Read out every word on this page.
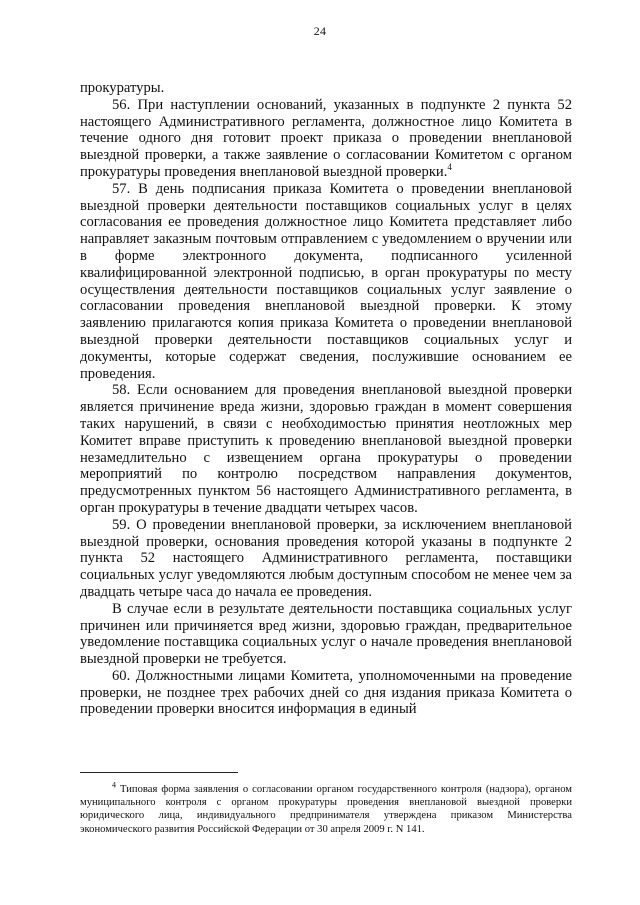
24

прокуратуры.

56. При наступлении оснований, указанных в подпункте 2 пункта 52 настоящего Административного регламента, должностное лицо Комитета в течение одного дня готовит проект приказа о проведении внеплановой выездной проверки, а также заявление о согласовании Комитетом с органом прокуратуры проведения внеплановой выездной проверки.$^4$

57. В день подписания приказа Комитета о проведении внеплановой выездной проверки деятельности поставщиков социальных услуг в целях согласования ее проведения должностное лицо Комитета представляет либо направляет заказным почтовым отправлением с уведомлением о вручении или в форме электронного документа, подписанного усиленной квалифицированной электронной подписью, в орган прокуратуры по месту осуществления деятельности поставщиков социальных услуг заявление о согласовании проведения внеплановой выездной проверки. К этому заявлению прилагаются копия приказа Комитета о проведении внеплановой выездной проверки деятельности поставщиков социальных услуг и документы, которые содержат сведения, послужившие основанием ее проведения.

58. Если основанием для проведения внеплановой выездной проверки является причинение вреда жизни, здоровью граждан в момент совершения таких нарушений, в связи с необходимостью принятия неотложных мер Комитет вправе приступить к проведению внеплановой выездной проверки незамедлительно с извещением органа прокуратуры о проведении мероприятий по контролю посредством направления документов, предусмотренных пунктом 56 настоящего Административного регламента, в орган прокуратуры в течение двадцати четырех часов.

59. О проведении внеплановой проверки, за исключением внеплановой выездной проверки, основания проведения которой указаны в подпункте 2 пункта 52 настоящего Административного регламента, поставщики социальных услуг уведомляются любым доступным способом не менее чем за двадцать четыре часа до начала ее проведения.

В случае если в результате деятельности поставщика социальных услуг причинен или причиняется вред жизни, здоровью граждан, предварительное уведомление поставщика социальных услуг о начале проведения внеплановой выездной проверки не требуется.

60. Должностными лицами Комитета, уполномоченными на проведение проверки, не позднее трех рабочих дней со дня издания приказа Комитета о проведении проверки вносится информация в единый

$^4$ Типовая форма заявления о согласовании органом государственного контроля (надзора), органом муниципального контроля с органом прокуратуры проведения внеплановой выездной проверки юридического лица, индивидуального предпринимателя утверждена приказом Министерства экономического развития Российской Федерации от 30 апреля 2009 г. N 141.
